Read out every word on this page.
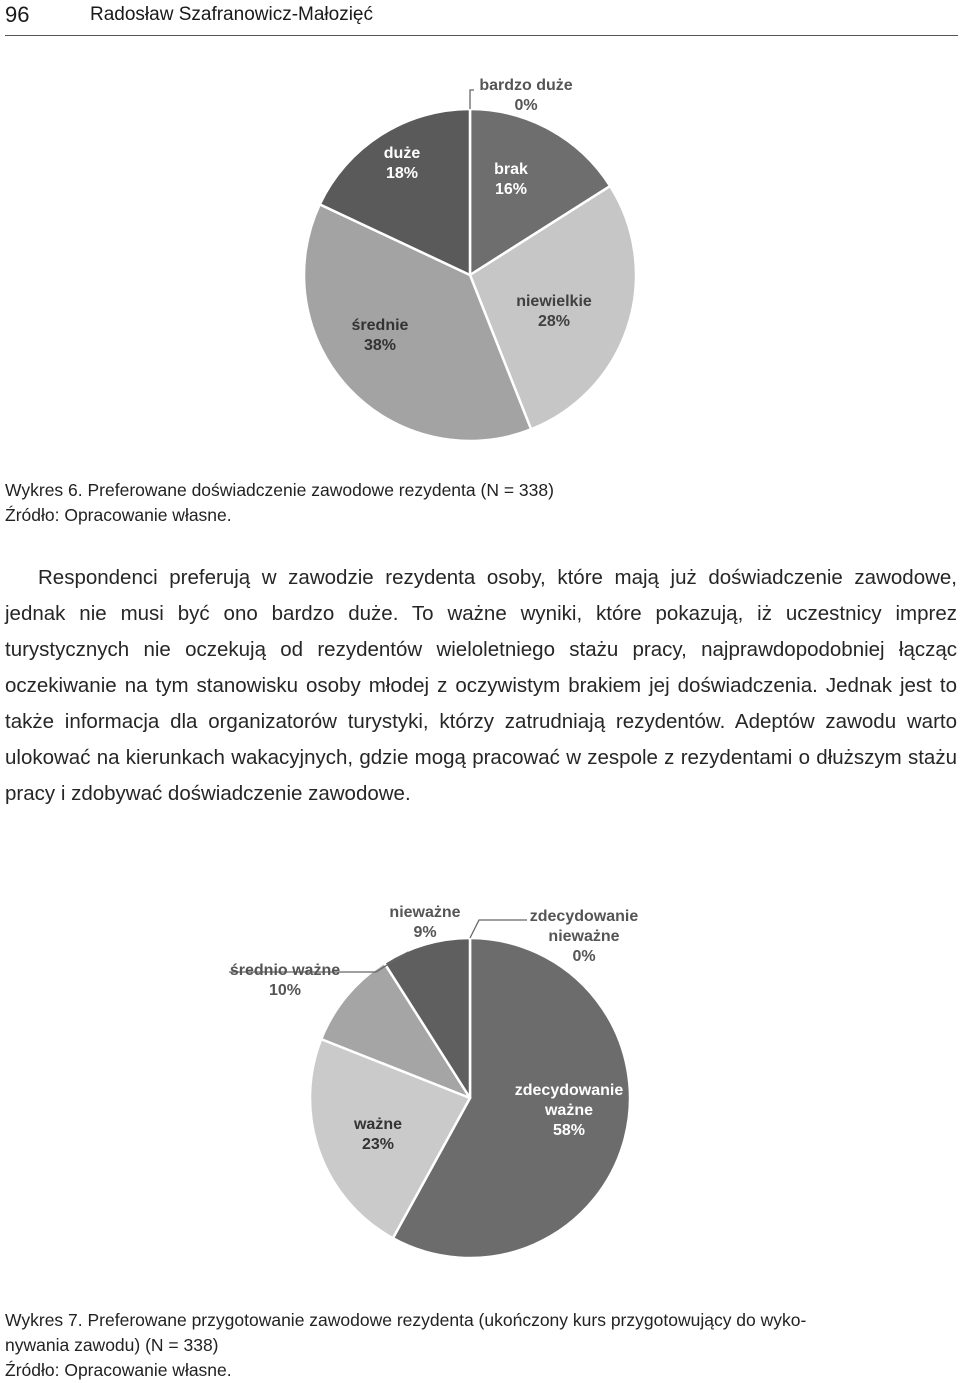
96	Radosław Szafranowicz-Małozięć
bardzo duże 0%
brak 16%
niewielkie 28%
średnie 38%
duże 18%
Wykres 6. Preferowane doświadczenie zawodowe rezydenta (N = 338)
Źródło: Opracowanie własne.

Respondenci preferują w zawodzie rezydenta osoby, które mają już doświadczenie zawodowe, jednak nie musi być ono bardzo duże. To ważne wyniki, które pokazują, iż uczestnicy imprez turystycznych nie oczekują od rezydentów wieloletniego stażu pracy, najprawdopodobniej łącząc oczekiwanie na tym stanowisku osoby młodej z oczywistym brakiem jej doświadczenia. Jednak jest to także informacja dla organizatorów turystyki, którzy zatrudniają rezydentów. Adeptów zawodu warto ulokować na kierunkach wakacyjnych, gdzie mogą pracować w zespole z rezydentami o dłuższym stażu pracy i zdobywać doświadczenie zawodowe.

zdecydowanie nieważne 0%
zdecydowanie ważne 58%
ważne 23%
średnio ważne 10%
nieważne 9%
Wykres 7. Preferowane przygotowanie zawodowe rezydenta (ukończony kurs przygotowujący do wyko-
nywania zawodu) (N = 338)
Źródło: Opracowanie własne.
